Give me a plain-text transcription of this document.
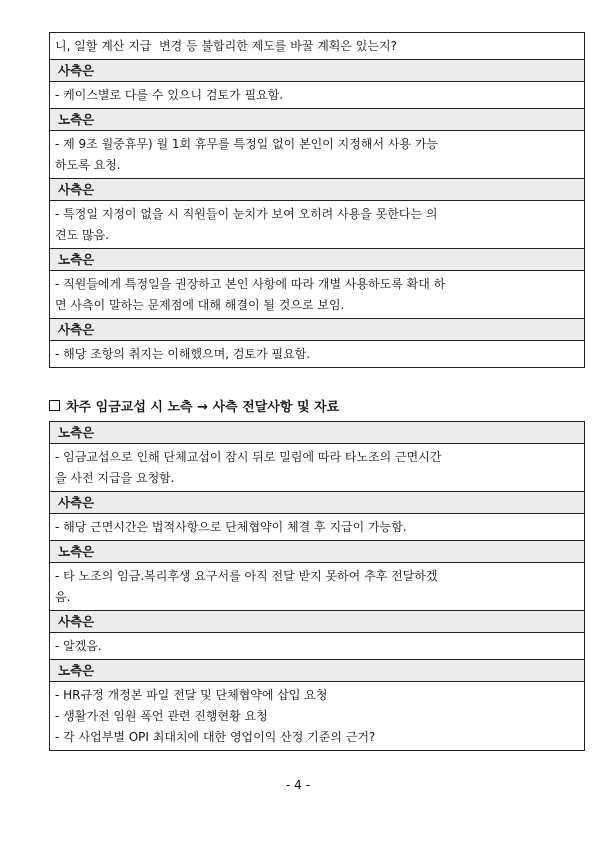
니, 일할 계산 지급  변경 등 불합리한 제도를 바꿀 계획은 있는지?
사측은
- 케이스별로 다를 수 있으니 검토가 필요함.
노측은
- 제 9조 월중휴무) 월 1회 휴무를 특정일 없이 본인이 지정해서 사용 가능
하도록 요청.
사측은
- 특정일 지정이 없을 시 직원들이 눈치가 보여 오히려 사용을 못한다는 의
견도 많음.
노측은
- 직원들에게 특정일을 권장하고 본인 사항에 따라 개별 사용하도록 확대 하
면 사측이 말하는 문제점에 대해 해결이 될 것으로 보임.
사측은
- 해당 조항의 취지는 이해했으며, 검토가 필요함.
차주 임금교섭 시 노측 → 사측 전달사항 및 자료
노측은
- 임금교섭으로 인해 단체교섭이 잠시 뒤로 밀림에 따라 타노조의 근면시간
을 사전 지급을 요청함.
사측은
- 해당 근면시간은 법적사항으로 단체협약이 체결 후 지급이 가능함.
노측은
- 타 노조의 임금.복리후생 요구서를 아직 전달 받지 못하여 추후 전달하겠
음.
사측은
- 알겠음.
노측은
- HR규정 개정본 파일 전달 및 단체협약에 삽입 요청
- 생활가전 임원 폭언 관련 진행현황 요청
- 각 사업부별 OPI 최대치에 대한 영업이익 산정 기준의 근거?
- 4 -
